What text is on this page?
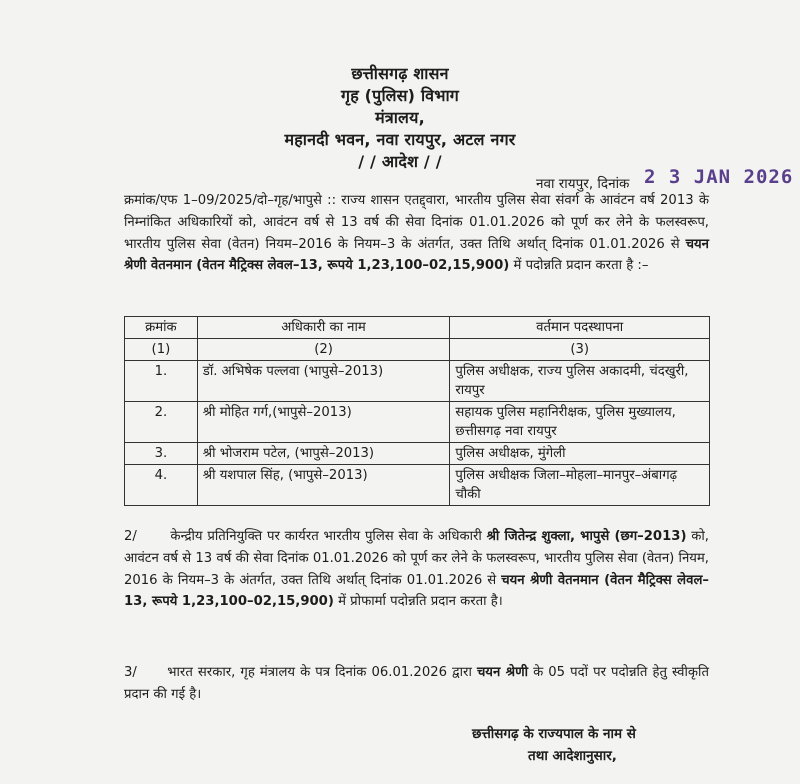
छत्तीसगढ़ शासन
गृह (पुलिस) विभाग
मंत्रालय,
महानदी भवन, नवा रायपुर, अटल नगर
/ / आदेश / /
नवा रायपुर, दिनांक 2 3 JAN 2026
क्रमांक/एफ 1–09/2025/दो–गृह/भापुसे :: राज्य शासन एतद्द्वारा, भारतीय पुलिस सेवा संवर्ग के आवंटन वर्ष 2013 के निम्नांकित अधिकारियों को, आवंटन वर्ष से 13 वर्ष की सेवा दिनांक 01.01.2026 को पूर्ण कर लेने के फलस्वरूप, भारतीय पुलिस सेवा (वेतन) नियम–2016 के नियम–3 के अंतर्गत, उक्त तिथि अर्थात् दिनांक 01.01.2026 से चयन श्रेणी वेतनमान (वेतन मैट्रिक्स लेवल–13, रूपये 1,23,100–02,15,900) में पदोन्नति प्रदान करता है :–
क्रमांक	अधिकारी का नाम	वर्तमान पदस्थापना
(1)	(2)	(3)
1.	डॉ. अभिषेक पल्लवा (भापुसे–2013)	पुलिस अधीक्षक, राज्य पुलिस अकादमी, चंदखुरी, रायपुर
2.	श्री मोहित गर्ग,(भापुसे–2013)	सहायक पुलिस महानिरीक्षक, पुलिस मुख्यालय, छत्तीसगढ़ नवा रायपुर
3.	श्री भोजराम पटेल, (भापुसे–2013)	पुलिस अधीक्षक, मुंगेली
4.	श्री यशपाल सिंह, (भापुसे–2013)	पुलिस अधीक्षक जिला–मोहला–मानपुर–अंबागढ़ चौकी
2/	केन्द्रीय प्रतिनियुक्ति पर कार्यरत भारतीय पुलिस सेवा के अधिकारी श्री जितेन्द्र शुक्ला, भापुसे (छग–2013) को, आवंटन वर्ष से 13 वर्ष की सेवा दिनांक 01.01.2026 को पूर्ण कर लेने के फलस्वरूप, भारतीय पुलिस सेवा (वेतन) नियम, 2016 के नियम–3 के अंतर्गत, उक्त तिथि अर्थात् दिनांक 01.01.2026 से चयन श्रेणी वेतनमान (वेतन मैट्रिक्स लेवल–13, रूपये 1,23,100–02,15,900) में प्रोफार्मा पदोन्नति प्रदान करता है।
3/ भारत सरकार, गृह मंत्रालय के पत्र दिनांक 06.01.2026 द्वारा चयन श्रेणी के 05 पदों पर पदोन्नति हेतु स्वीकृति प्रदान की गई है।
छत्तीसगढ़ के राज्यपाल के नाम से
तथा आदेशानुसार,
